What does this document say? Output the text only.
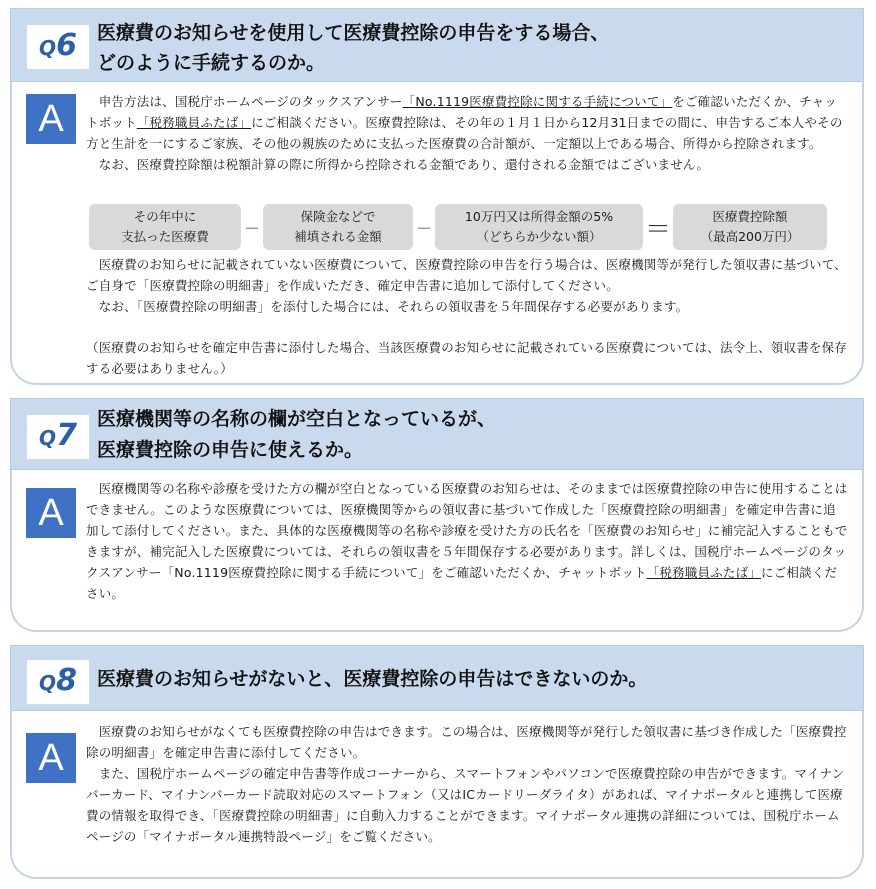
Q 6 医療費のお知らせを使用して医療費控除の申告をする場合、
どのように手続するのか。
A	　申告方法は、国税庁ホームページのタックスアンサー「No.1119医療費控除に関する手続について」をご確認いただくか、チャットボット「税務職員ふたば」にご相談ください。医療費控除は、その年の１月１日から12月31日までの間に、申告するご本人やその方と生計を一にするご家族、その他の親族のために支払った医療費の合計額が、一定額以上である場合、所得から控除されます。

　なお、医療費控除額は税額計算の際に所得から控除される金額であり、還付される金額ではございません。

その年中に
支払った医療費	－
保険金などで
補填される金額	－
10万円又は所得金額の5%
（どちらか少ない額）	＝	医療費控除額
（最高200万円）

　医療費のお知らせに記載されていない医療費について、医療費控除の申告を行う場合は、医療機関等が発行した領収書に基づいて、ご自身で「医療費控除の明細書」を作成いただき、確定申告書に追加して添付してください。

　なお、「医療費控除の明細書」を添付した場合には、それらの領収書を５年間保存する必要があります。

（医療費のお知らせを確定申告書に添付した場合、当該医療費のお知らせに記載されている医療費については、法令上、領収書を保存する必要はありません。）

Q 7 医療機関等の名称の欄が空白となっているが、
医療費控除の申告に使えるか。
A

　医療機関等の名称や診療を受けた方の欄が空白となっている医療費のお知らせは、そのままでは医療費控除の申告に使用することはできません。このような医療費については、医療機関等からの領収書に基づいて作成した「医療費控除の明細書」を確定申告書に追加して添付してください。また、具体的な医療機関等の名称や診療を受けた方の氏名を「医療費のお知らせ」に補完記入することもできますが、補完記入した医療費については、それらの領収書を５年間保存する必要があります。詳しくは、国税庁ホームページのタックスアンサー「No.1119医療費控除に関する手続について」をご確認いただくか、チャットボット「税務職員ふたば」にご相談ください。

Q 8 医療費のお知らせがないと、医療費控除の申告はできないのか。
A

　医療費のお知らせがなくても医療費控除の申告はできます。この場合は、医療機関等が発行した領収書に基づき作成した「医療費控除の明細書」を確定申告書に添付してください。

　また、国税庁ホームページの確定申告書等作成コーナーから、スマートフォンやパソコンで医療費控除の申告ができます。マイナンバーカード、マイナンバーカード読取対応のスマートフォン（又はICカードリーダライタ）があれば、マイナポータルと連携して医療費の情報を取得でき、「医療費控除の明細書」に自動入力することができます。マイナポータル連携の詳細については、国税庁ホームページの「マイナポータル連携特設ページ」をご覧ください。
